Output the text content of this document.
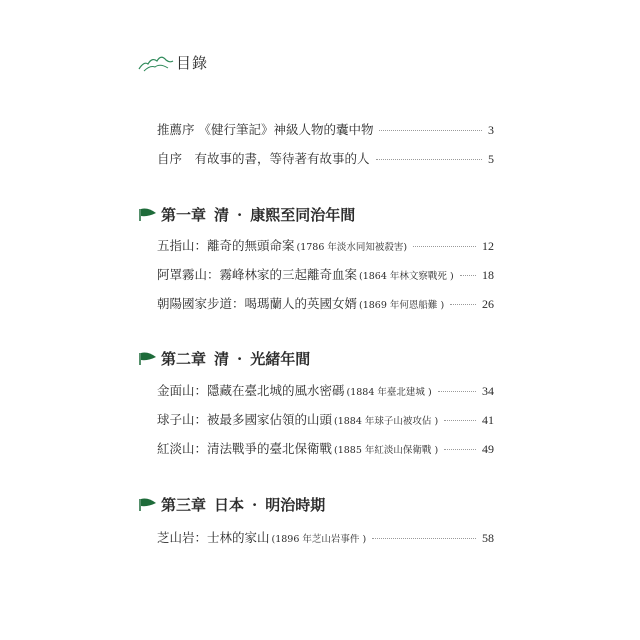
目錄
推薦序 《健行筆記》神級人物的囊中物	3
自序　有故事的書，等待著有故事的人	5
第一章 清 · 康熙至同治年間
五指山：離奇的無頭命案 (1786 年淡水同知被殺害)	12
阿罩霧山：霧峰林家的三起離奇血案 (1864 年林文察戰死 ) 18
朝陽國家步道：喝瑪蘭人的英國女婿 (1869 年何恩船難 )	26
第二章 清 · 光緒年間
金面山：隱藏在臺北城的風水密碼 (1884 年臺北建城 )	34
球子山：被最多國家佔領的山頭 (1884 年球子山被攻佔 )	41
紅淡山：清法戰爭的臺北保衛戰 (1885 年紅淡山保衛戰 )	49
第三章 日本 · 明治時期
芝山岩：士林的家山 (1896 年芝山岩事件 )	58
